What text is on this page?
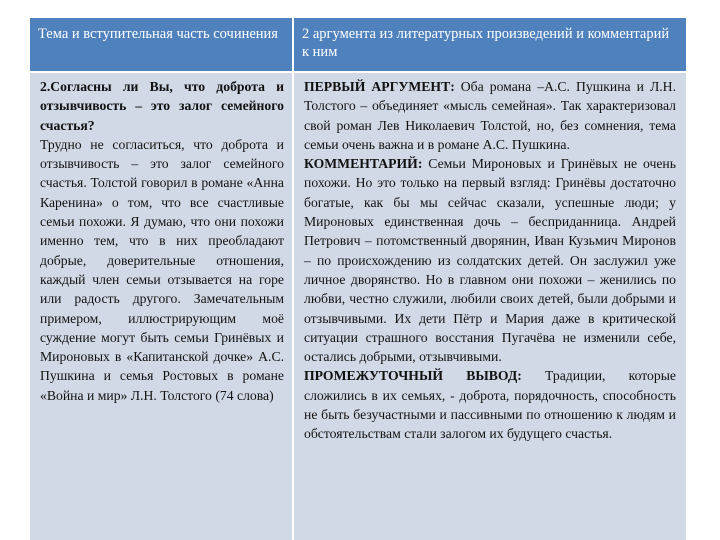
Тема и вступительная часть сочинения	2 аргумента из литературных произведений и комментарий к ним

2.Согласны ли Вы, что доброта и отзывчивость – это залог семейного счастья?

Трудно не согласиться, что доброта и отзывчивость – это залог семейного счастья. Толстой говорил в романе «Анна Каренина» о том, что все счастливые семьи похожи. Я думаю, что они похожи именно тем, что в них преобладают добрые, доверительные отношения, каждый член семьи отзывается на горе или радость другого. Замечательным примером, иллюстрирующим моё суждение могут быть семьи Гринёвых и Мироновых в «Капитанской дочке» А.С. Пушкина и семья Ростовых в романе «Война и мир» Л.Н. Толстого (74 слова)

ПЕРВЫЙ АРГУМЕНТ: Оба романа –А.С. Пушкина и Л.Н. Толстого – объединяет «мысль семейная». Так характеризовал свой роман Лев Николаевич Толстой, но, без сомнения, тема семьи очень важна и в романе А.С. Пушкина.

КОММЕНТАРИЙ: Семьи Мироновых и Гринёвых не очень похожи. Но это только на первый взгляд: Гринёвы достаточно богатые, как бы мы сейчас сказали, успешные люди; у Мироновых единственная дочь – бесприданница. Андрей Петрович – потомственный дворянин, Иван Кузьмич Миронов – по происхождению из солдатских детей. Он заслужил уже личное дворянство. Но в главном они похожи – женились по любви, честно служили, любили своих детей, были добрыми и отзывчивыми. Их дети Пётр и Мария даже в критической ситуации страшного восстания Пугачёва не изменили себе, остались добрыми, отзывчивыми.

ПРОМЕЖУТОЧНЫЙ ВЫВОД: Традиции, которые сложились в их семьях, - доброта, порядочность, способность не быть безучастными и пассивными по отношению к людям и обстоятельствам стали залогом их будущего счастья.
